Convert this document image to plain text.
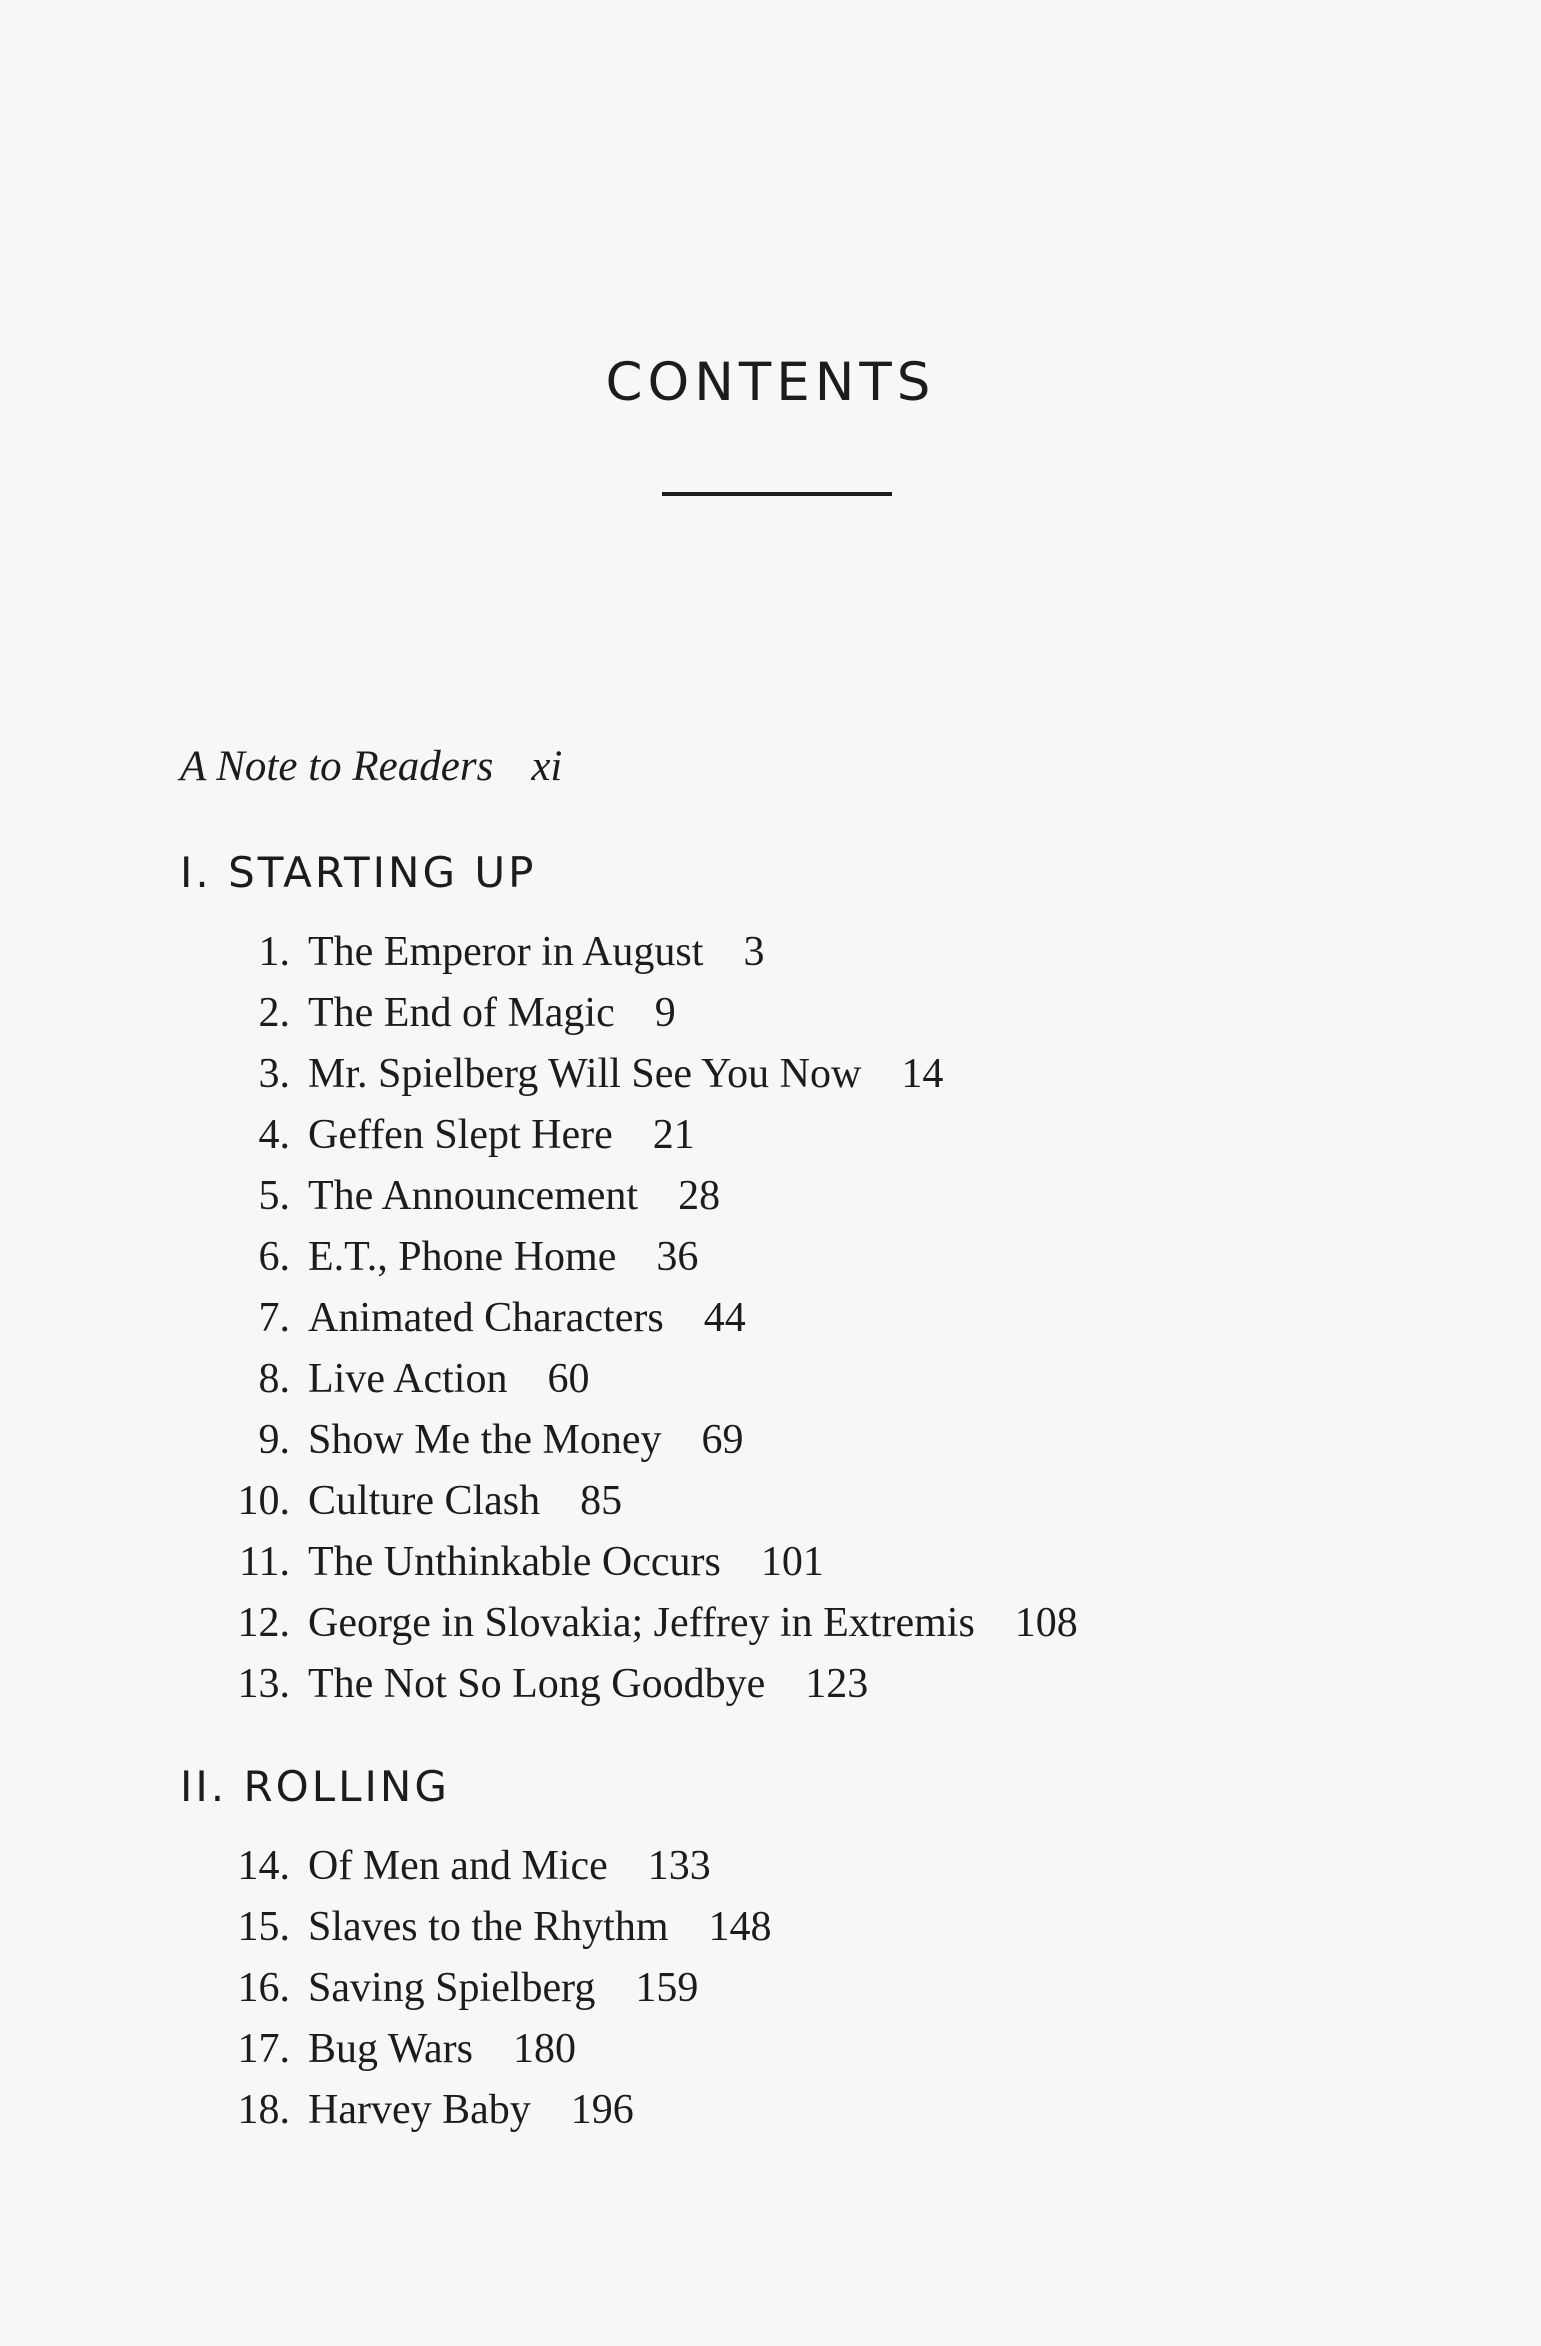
CONTENTS
A Note to Readers xi
I. STARTING UP
1. The Emperor in August 3
2. The End of Magic 9
3. Mr. Spielberg Will See You Now 14
4. Geffen Slept Here 21
5. The Announcement 28
6. E.T., Phone Home 36
7. Animated Characters 44
8. Live Action 60
9. Show Me the Money 69
10. Culture Clash 85
11. The Unthinkable Occurs 101
12. George in Slovakia; Jeffrey in Extremis 108
13. The Not So Long Goodbye 123
II. ROLLING
14. Of Men and Mice 133
15. Slaves to the Rhythm 148
16. Saving Spielberg 159
17. Bug Wars 180
18. Harvey Baby 196
